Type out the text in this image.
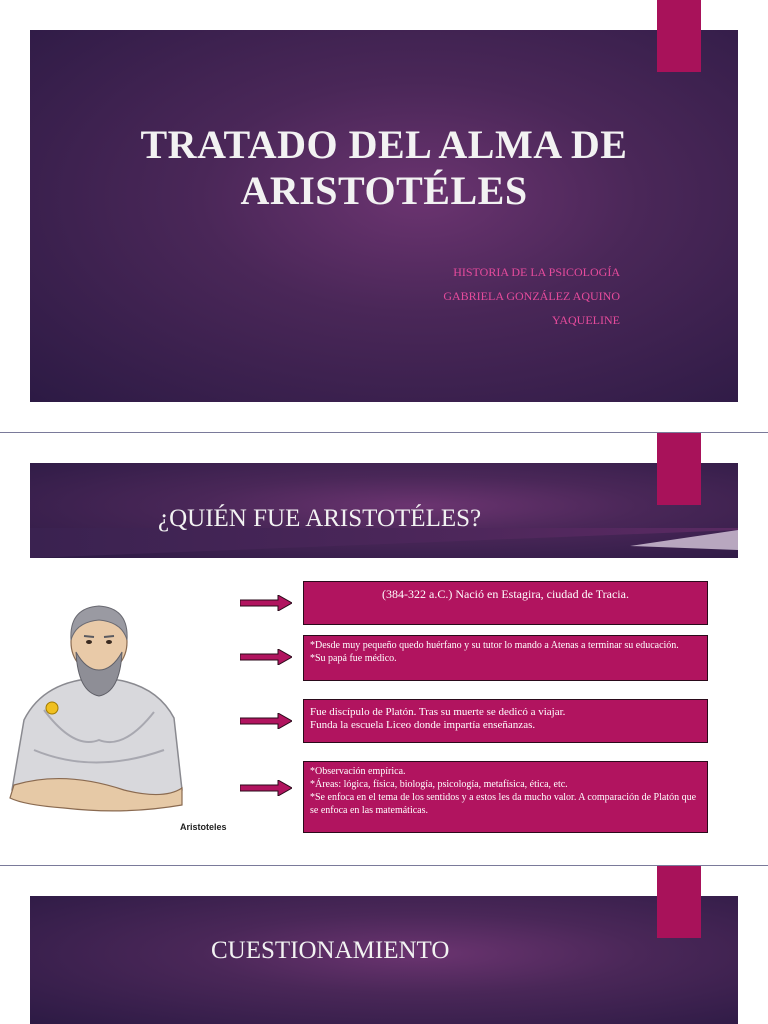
TRATADO DEL ALMA DE
ARISTOTÉLES
HISTORIA DE LA PSICOLOGÍA
GABRIELA GONZÁLEZ AQUINO
YAQUELINE
¿QUIÉN FUE ARISTOTÉLES?
Aristoteles
(384-322 a.C.) Nació en Estagira, ciudad de Tracia.
*Desde muy pequeño quedo huérfano y su tutor lo mando a Atenas a terminar su educación.
*Su papá fue médico.
Fue discípulo de Platón. Tras su muerte se dedicó a viajar.
Funda la escuela Liceo donde impartía enseñanzas.
*Observación empírica.
*Áreas: lógica, física, biología, psicología, metafísica, ética, etc.
*Se enfoca en el tema de los sentidos y a estos les da mucho valor. A comparación de Platón que se enfoca en las matemáticas.
CUESTIONAMIENTO
